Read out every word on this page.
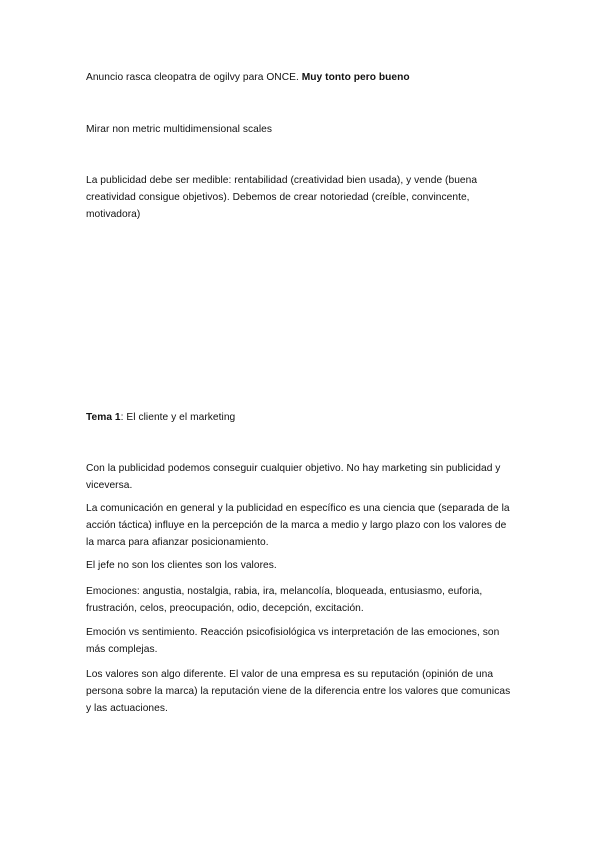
Anuncio rasca cleopatra de ogilvy para ONCE. Muy tonto pero bueno

Mirar non metric multidimensional scales

La publicidad debe ser medible: rentabilidad (creatividad bien usada), y vende (buena creatividad consigue objetivos). Debemos de crear notoriedad (creíble, convincente, motivadora)

Tema 1: El cliente y el marketing

Con la publicidad podemos conseguir cualquier objetivo. No hay marketing sin publicidad y viceversa.

La comunicación en general y la publicidad en específico es una ciencia que (separada de la acción táctica) influye en la percepción de la marca a medio y largo plazo con los valores de la marca para afianzar posicionamiento.

El jefe no son los clientes son los valores.

Emociones: angustia, nostalgia, rabia, ira, melancolía, bloqueada, entusiasmo, euforia, frustración, celos, preocupación, odio, decepción, excitación.

Emoción vs sentimiento. Reacción psicofisiológica vs interpretación de las emociones, son más complejas.

Los valores son algo diferente. El valor de una empresa es su reputación (opinión de una persona sobre la marca) la reputación viene de la diferencia entre los valores que comunicas y las actuaciones.
